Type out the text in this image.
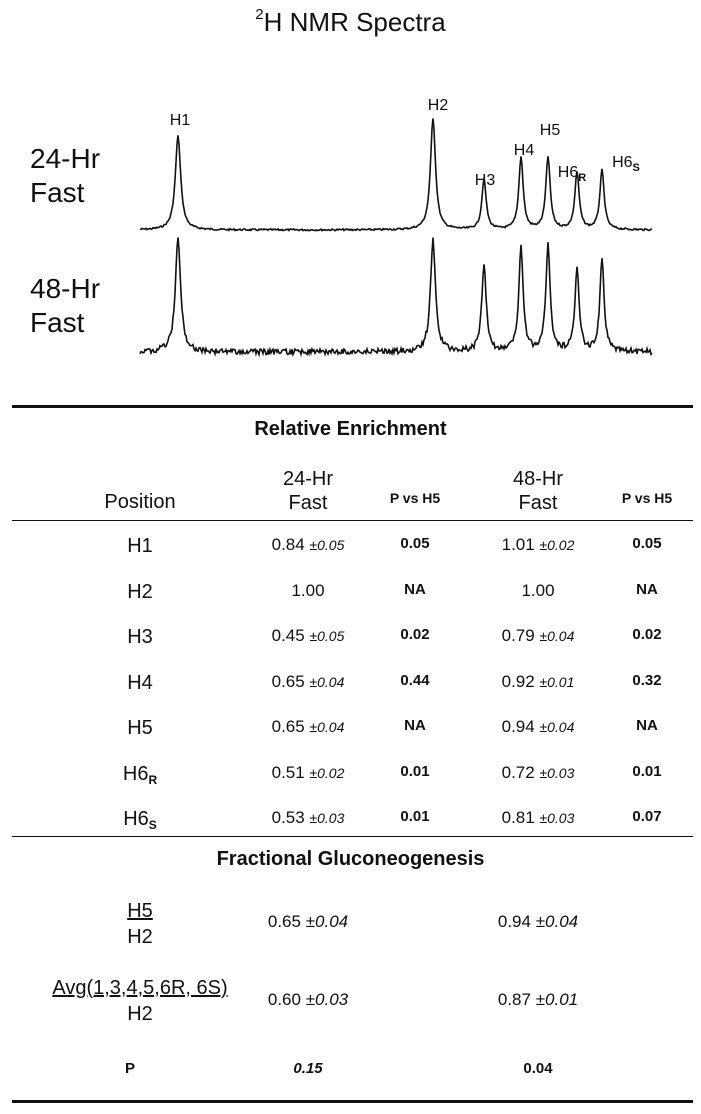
$^2$H NMR Spectra
24-Hr
Fast
48-Hr
Fast
H1
H2
H3
H4
H5
$H6_R$
$H6_S$
Relative Enrichment
Position
24-Hr
Fast	P vs H5
48-Hr
Fast	P vs H5
H1	0.84 ±0.05	0.05	1.01 ±0.02	0.05
H2	1.00	NA	1.00	NA
H3	0.45 ±0.05	0.02	0.79 ±0.04	0.02
H4	0.65 ±0.04	0.44	0.92 ±0.01	0.32
H5	0.65 ±0.04	NA	0.94 ±0.04	NA
$H6_R$	0.51 ±0.02	0.01	0.72 ±0.03	0.01
$H6_S$	0.53 ±0.03	0.01	0.81 ±0.03	0.07
Fractional Gluconeogenesis
$\frac{H5}{H2}$	0.65 ±0.04	0.94 ±0.04
Avg(1,3,4,5,6R, 6S)
H2
0.60 ±0.03	0.87 ±0.01
P	0.15	0.04
